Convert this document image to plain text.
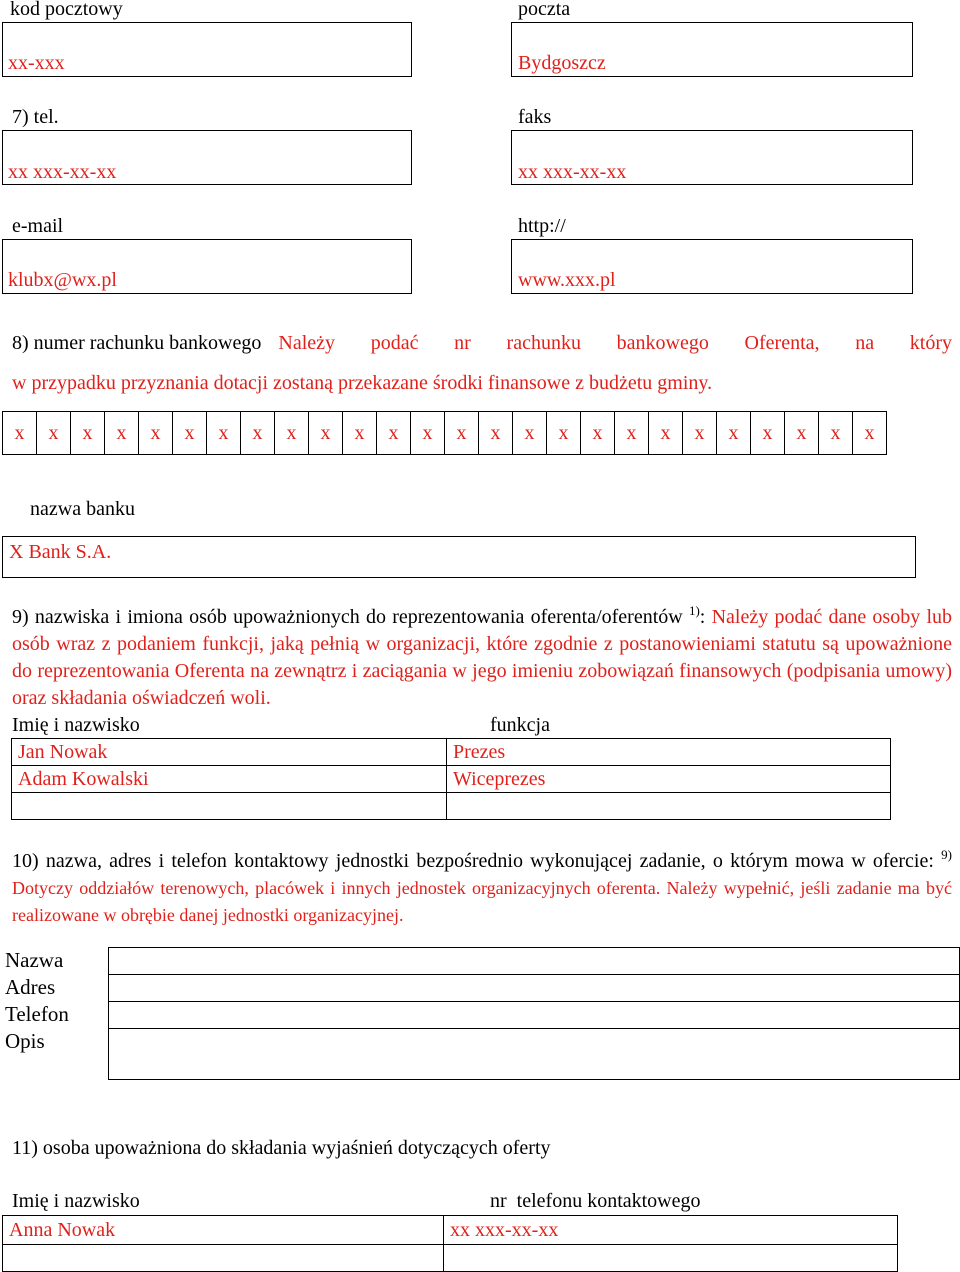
kod pocztowy	poczta
xx-xxx	Bydgoszcz
7) tel.	faks
xx xxx-xx-xx	xx xxx-xx-xx
e-mail	http://
klubx@wx.pl	www.xxx.pl
8) numer rachunku bankowego Należy podać nr rachunku bankowego Oferenta, na który
w przypadku przyznania dotacji zostaną przekazane środki finansowe z budżetu gminy.
x	x	x	x	x	x	x	x	x	x	x	x	x	x	x	x	x	x	x	x	x	x	x	x	x	x
nazwa banku
X Bank S.A.
9) nazwiska i imiona osób upoważnionych do reprezentowania oferenta/oferentów $^{1)}$: Należy podać dane osoby lub osób wraz z podaniem funkcji, jaką pełnią w organizacji, które zgodnie z postanowieniami statutu są upoważnione do reprezentowania Oferenta na zewnątrz i zaciągania w jego imieniu zobowiązań finansowych (podpisania umowy) oraz składania oświadczeń woli.
Imię i nazwisko	funkcja
Jan Nowak	Prezes
Adam Kowalski	Wiceprezes

10) nazwa, adres i telefon kontaktowy jednostki bezpośrednio wykonującej zadanie, o którym mowa w ofercie: $^{9)}$ Dotyczy oddziałów terenowych, placówek i innych jednostek organizacyjnych oferenta. Należy wypełnić, jeśli zadanie ma być realizowane w obrębie danej jednostki organizacyjnej.
Nazwa
Adres
Telefon
Opis

11) osoba upoważniona do składania wyjaśnień dotyczących oferty
Imię i nazwisko	nr  telefonu kontaktowego
Anna Nowak	xx xxx-xx-xx
